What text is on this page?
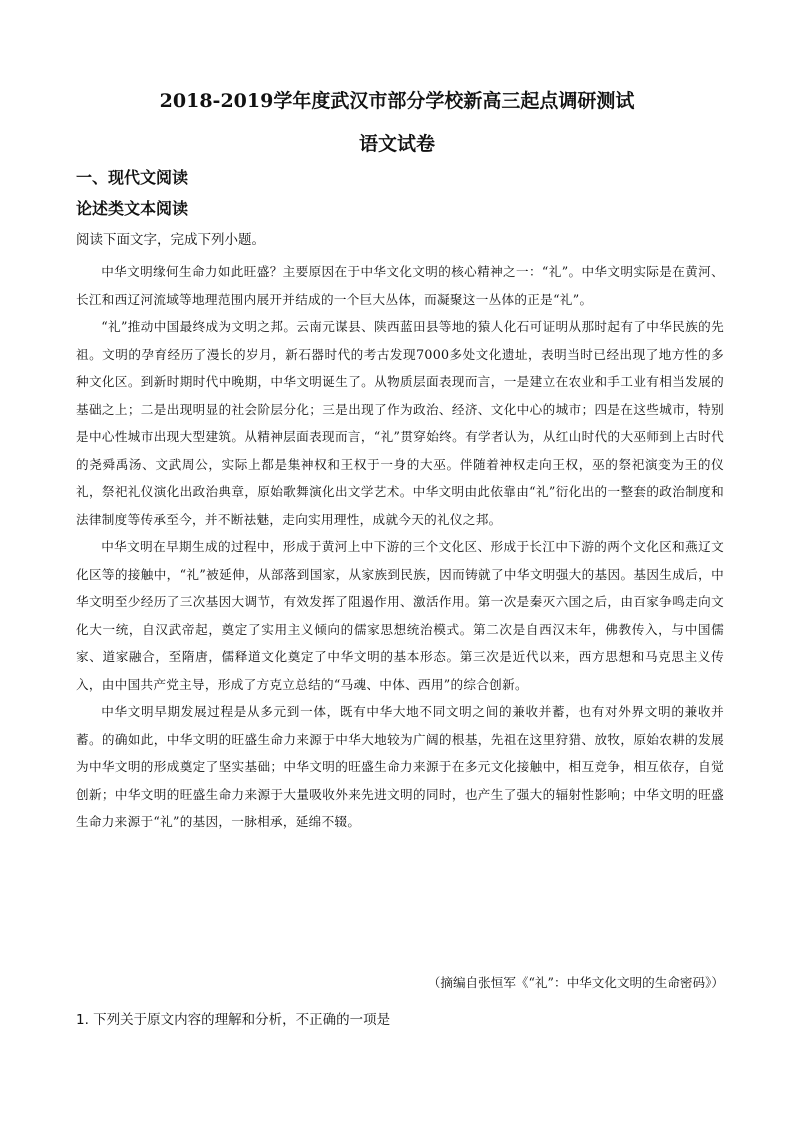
2018-2019学年度武汉市部分学校新高三起点调研测试
语文试卷
一、现代文阅读
论述类文本阅读
阅读下面文字，完成下列小题。

中华文明缘何生命力如此旺盛？主要原因在于中华文化文明的核心精神之一：“礼”。中华文明实际是在黄河、长江和西辽河流域等地理范围内展开并结成的一个巨大丛体，而凝聚这一丛体的正是“礼”。

“礼”推动中国最终成为文明之邦。云南元谋县、陕西蓝田县等地的猿人化石可证明从那时起有了中华民族的先祖。文明的孕育经历了漫长的岁月，新石器时代的考古发现7000多处文化遗址，表明当时已经出现了地方性的多种文化区。到新时期时代中晚期，中华文明诞生了。从物质层面表现而言，一是建立在农业和手工业有相当发展的基础之上；二是出现明显的社会阶层分化；三是出现了作为政治、经济、文化中心的城市；四是在这些城市，特别是中心性城市出现大型建筑。从精神层面表现而言，“礼”贯穿始终。有学者认为，从红山时代的大巫师到上古时代的尧舜禹汤、文武周公，实际上都是集神权和王权于一身的大巫。伴随着神权走向王权，巫的祭祀演变为王的仪礼，祭祀礼仪演化出政治典章，原始歌舞演化出文学艺术。中华文明由此依靠由“礼”衍化出的一整套的政治制度和法律制度等传承至今，并不断祛魅，走向实用理性，成就今天的礼仪之邦。

中华文明在早期生成的过程中，形成于黄河上中下游的三个文化区、形成于长江中下游的两个文化区和燕辽文化区等的接触中，“礼”被延伸，从部落到国家，从家族到民族，因而铸就了中华文明强大的基因。基因生成后，中华文明至少经历了三次基因大调节，有效发挥了阻遏作用、激活作用。第一次是秦灭六国之后，由百家争鸣走向文化大一统，自汉武帝起，奠定了实用主义倾向的儒家思想统治模式。第二次是自西汉末年，佛教传入，与中国儒家、道家融合，至隋唐，儒释道文化奠定了中华文明的基本形态。第三次是近代以来，西方思想和马克思主义传入，由中国共产党主导，形成了方克立总结的“马魂、中体、西用”的综合创新。

中华文明早期发展过程是从多元到一体，既有中华大地不同文明之间的兼收并蓄，也有对外界文明的兼收并蓄。的确如此，中华文明的旺盛生命力来源于中华大地较为广阔的根基，先祖在这里狩猎、放牧，原始农耕的发展为中华文明的形成奠定了坚实基础；中华文明的旺盛生命力来源于在多元文化接触中，相互竞争，相互依存，自觉创新；中华文明的旺盛生命力来源于大量吸收外来先进文明的同时，也产生了强大的辐射性影响；中华文明的旺盛生命力来源于“礼”的基因，一脉相承，延绵不辍。

（摘编自张恒军《“礼”：中华文化文明的生命密码》）
1. 下列关于原文内容的理解和分析，不正确的一项是
